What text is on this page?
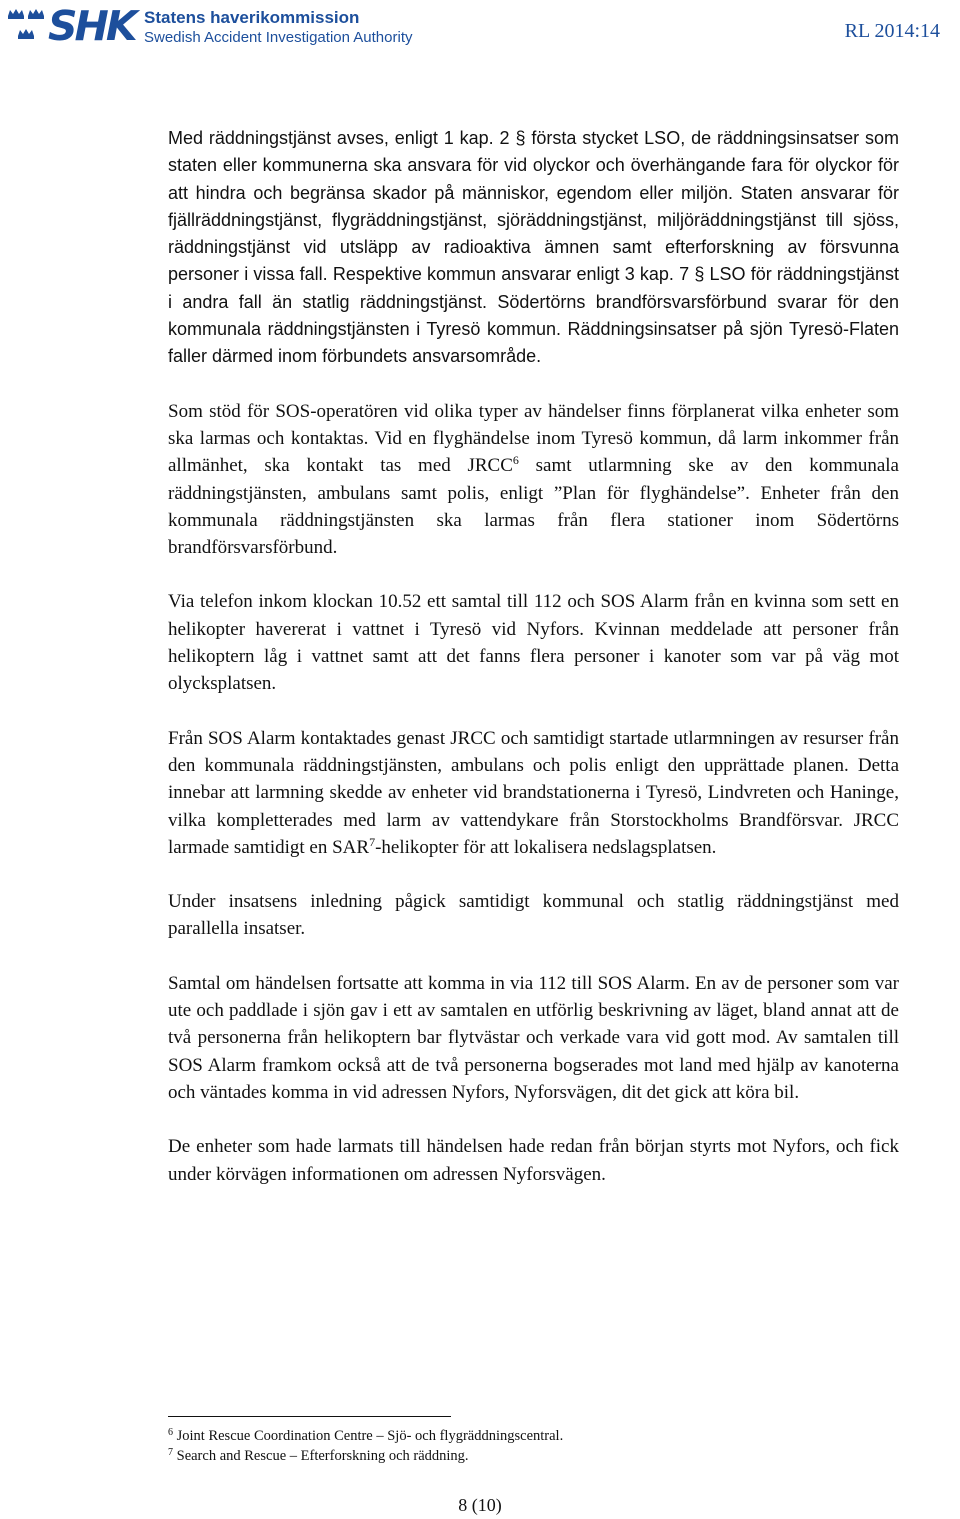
SHK Statens haverikommission
Swedish Accident Investigation Authority	RL 2014:14

Med räddningstjänst avses, enligt 1 kap. 2 § första stycket LSO, de räddningsinsatser som staten eller kommunerna ska ansvara för vid olyckor och överhängande fara för olyckor för att hindra och begränsa skador på människor, egendom eller miljön. Staten ansvarar för fjällräddningstjänst, flygräddningstjänst, sjöräddningstjänst, miljöräddningstjänst till sjöss, räddningstjänst vid utsläpp av radioaktiva ämnen samt efterforskning av försvunna personer i vissa fall. Respektive kommun ansvarar enligt 3 kap. 7 § LSO för räddningstjänst i andra fall än statlig räddningstjänst. Södertörns brandförsvarsförbund svarar för den kommunala räddningstjänsten i Tyresö kommun. Räddningsinsatser på sjön Tyresö-Flaten faller därmed inom förbundets ansvarsområde.

Som stöd för SOS-operatören vid olika typer av händelser finns förplanerat vilka enheter som ska larmas och kontaktas. Vid en flyghändelse inom Tyresö kommun, då larm inkommer från allmänhet, ska kontakt tas med JRCC$^6$ samt utlarmning ske av den kommunala räddningstjänsten, ambulans samt polis, enligt ”Plan för flyghändelse”. Enheter från den kommunala räddningstjänsten ska larmas från flera stationer inom Södertörns brandförsvarsförbund.

Via telefon inkom klockan 10.52 ett samtal till 112 och SOS Alarm från en kvinna som sett en helikopter havererat i vattnet i Tyresö vid Nyfors. Kvinnan meddelade att personer från helikoptern låg i vattnet samt att det fanns flera personer i kanoter som var på väg mot olycksplatsen.

Från SOS Alarm kontaktades genast JRCC och samtidigt startade utlarmningen av resurser från den kommunala räddningstjänsten, ambulans och polis enligt den upprättade planen. Detta innebar att larmning skedde av enheter vid brandstationerna i Tyresö, Lindvreten och Haninge, vilka kompletterades med larm av vattendykare från Storstockholms Brandförsvar. JRCC larmade samtidigt en SAR$^7$-helikopter för att lokalisera nedslagsplatsen.

Under insatsens inledning pågick samtidigt kommunal och statlig räddningstjänst med parallella insatser.

Samtal om händelsen fortsatte att komma in via 112 till SOS Alarm. En av de personer som var ute och paddlade i sjön gav i ett av samtalen en utförlig beskrivning av läget, bland annat att de två personerna från helikoptern bar flytvästar och verkade vara vid gott mod. Av samtalen till SOS Alarm framkom också att de två personerna bogserades mot land med hjälp av kanoterna och väntades komma in vid adressen Nyfors, Nyforsvägen, dit det gick att köra bil.

De enheter som hade larmats till händelsen hade redan från början styrts mot Nyfors, och fick under körvägen informationen om adressen Nyforsvägen.

$^6$ Joint Rescue Coordination Centre – Sjö- och flygräddningscentral.
$^7$ Search and Rescue – Efterforskning och räddning.
8 (10)
